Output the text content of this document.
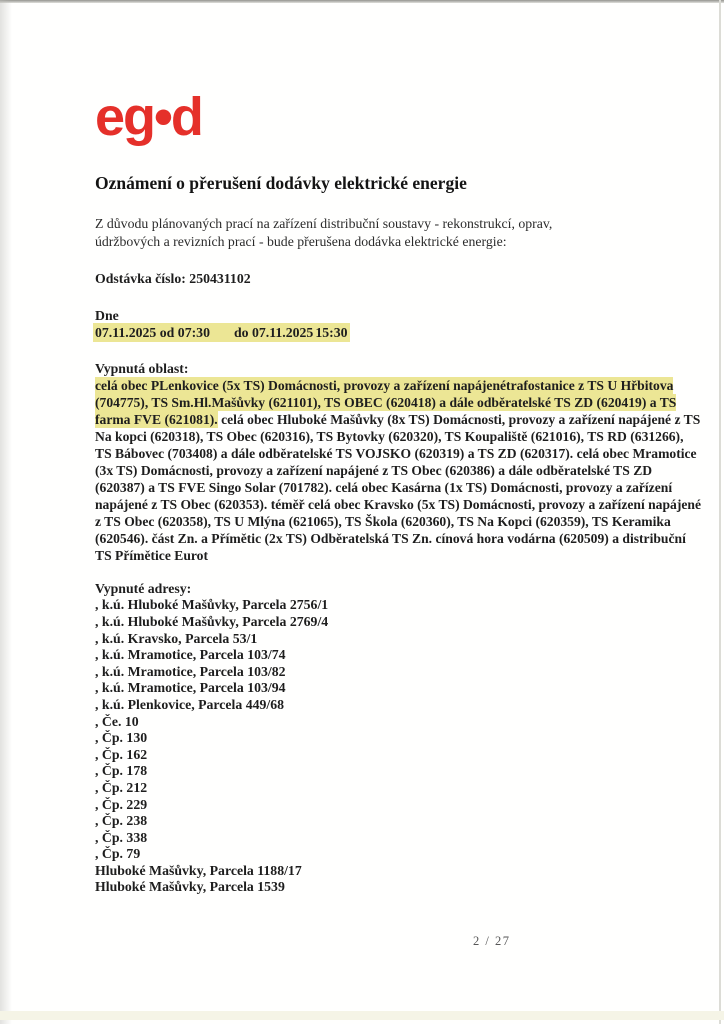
eg•d
Oznámení o přerušení dodávky elektrické energie

Z důvodu plánovaných prací na zařízení distribuční soustavy - rekonstrukcí, oprav,
údržbových a revizních prací - bude přerušena dodávka elektrické energie:

Odstávka číslo: 250431102
Dne
07.11.2025 od 07:30 do 07.11.2025 15:30
Vypnutá oblast:

celá obec PLenkovice (5x TS) Domácnosti, provozy a zařízení napájenétrafostanice z TS U Hřbitova (704775), TS Sm.Hl.Mašůvky (621101), TS OBEC (620418) a dále odběratelské TS ZD (620419) a TS farma FVE (621081). celá obec Hluboké Mašůvky (8x TS) Domácnosti, provozy a zařízení napájené z TS Na kopci (620318), TS Obec (620316), TS Bytovky (620320), TS Koupaliště (621016), TS RD (631266), TS Bábovec (703408) a dále odběratelské TS VOJSKO (620319) a TS ZD (620317). celá obec Mramotice (3x TS) Domácnosti, provozy a zařízení napájené z TS Obec (620386) a dále odběratelské TS ZD (620387) a TS FVE Singo Solar (701782). celá obec Kasárna (1x TS) Domácnosti, provozy a zařízení napájené z TS Obec (620353). téměř celá obec Kravsko (5x TS) Domácnosti, provozy a zařízení napájené z TS Obec (620358), TS U Mlýna (621065), TS Škola (620360), TS Na Kopci (620359), TS Keramika (620546). část Zn. a Přímětic (2x TS) Odběratelská TS Zn. cínová hora vodárna (620509) a distribuční TS Přímětice Eurot

Vypnuté adresy:
, k.ú. Hluboké Mašůvky, Parcela 2756/1
, k.ú. Hluboké Mašůvky, Parcela 2769/4
, k.ú. Kravsko, Parcela 53/1
, k.ú. Mramotice, Parcela 103/74
, k.ú. Mramotice, Parcela 103/82
, k.ú. Mramotice, Parcela 103/94
, k.ú. Plenkovice, Parcela 449/68
, Če. 10
, Čp. 130
, Čp. 162
, Čp. 178
, Čp. 212
, Čp. 229
, Čp. 238
, Čp. 338
, Čp. 79
Hluboké Mašůvky, Parcela 1188/17
Hluboké Mašůvky, Parcela 1539
2 / 27
